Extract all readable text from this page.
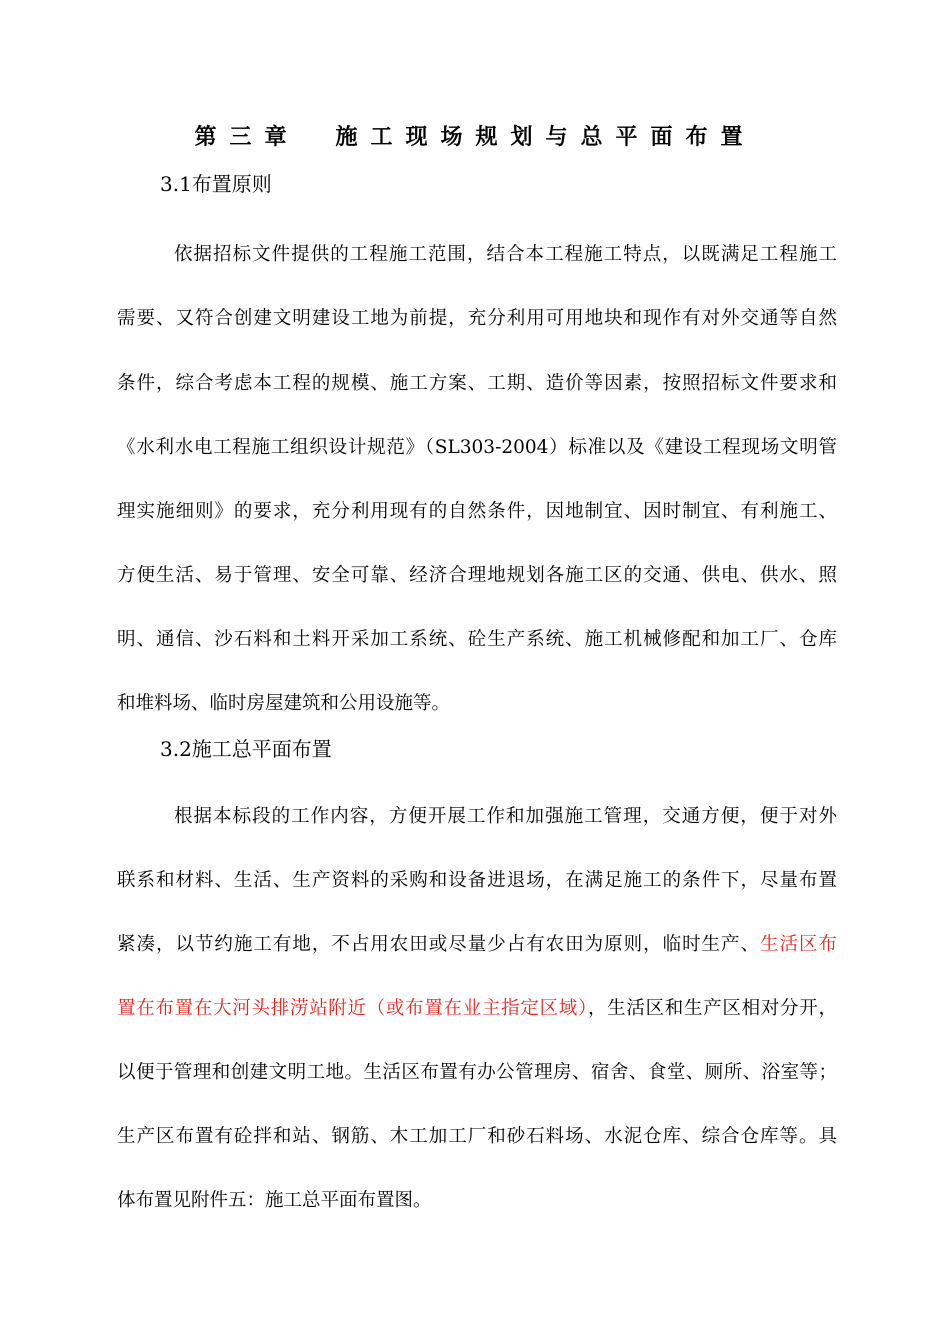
第三章 施工现场规划与总平面布置
3.1布置原则
依据招标文件提供的工程施工范围，结合本工程施工特点，以既满足工程施工
需要、又符合创建文明建设工地为前提，充分利用可用地块和现作有对外交通等自然
条件，综合考虑本工程的规模、施工方案、工期、造价等因素，按照招标文件要求和
《水利水电工程施工组织设计规范》（SL303-2004）标准以及《建设工程现场文明管
理实施细则》的要求，充分利用现有的自然条件，因地制宜、因时制宜、有利施工、
方便生活、易于管理、安全可靠、经济合理地规划各施工区的交通、供电、供水、照
明、通信、沙石料和土料开采加工系统、砼生产系统、施工机械修配和加工厂、仓库
和堆料场、临时房屋建筑和公用设施等。
3.2施工总平面布置
根据本标段的工作内容，方便开展工作和加强施工管理，交通方便，便于对外
联系和材料、生活、生产资料的采购和设备进退场，在满足施工的条件下，尽量布置
紧凑，以节约施工有地，不占用农田或尽量少占有农田为原则，临时生产、生活区布
置在布置在大河头排涝站附近（或布置在业主指定区域），生活区和生产区相对分开，
以便于管理和创建文明工地。生活区布置有办公管理房、宿舍、食堂、厕所、浴室等；
生产区布置有砼拌和站、钢筋、木工加工厂和砂石料场、水泥仓库、综合仓库等。具
体布置见附件五：施工总平面布置图。
